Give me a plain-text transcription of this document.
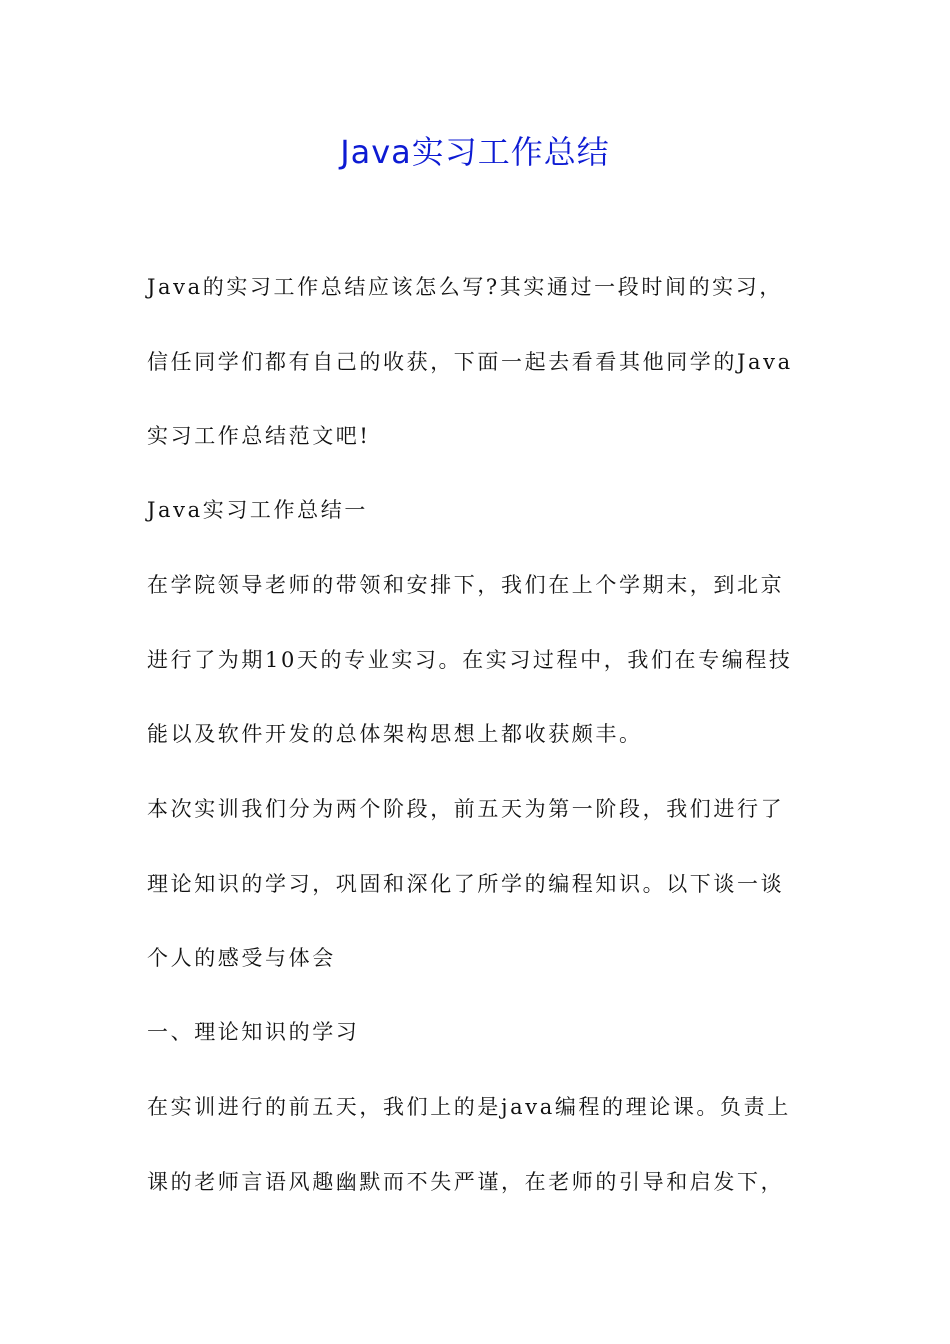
Java实习工作总结
Java的实习工作总结应该怎么写?其实通过一段时间的实习，
信任同学们都有自己的收获，下面一起去看看其他同学的Java
实习工作总结范文吧!
Java实习工作总结一
在学院领导老师的带领和安排下，我们在上个学期末，到北京
进行了为期10天的专业实习。在实习过程中，我们在专编程技
能以及软件开发的总体架构思想上都收获颇丰。
本次实训我们分为两个阶段，前五天为第一阶段，我们进行了
理论知识的学习，巩固和深化了所学的编程知识。以下谈一谈
个人的感受与体会
一、理论知识的学习
在实训进行的前五天，我们上的是java编程的理论课。负责上
课的老师言语风趣幽默而不失严谨，在老师的引导和启发下，
